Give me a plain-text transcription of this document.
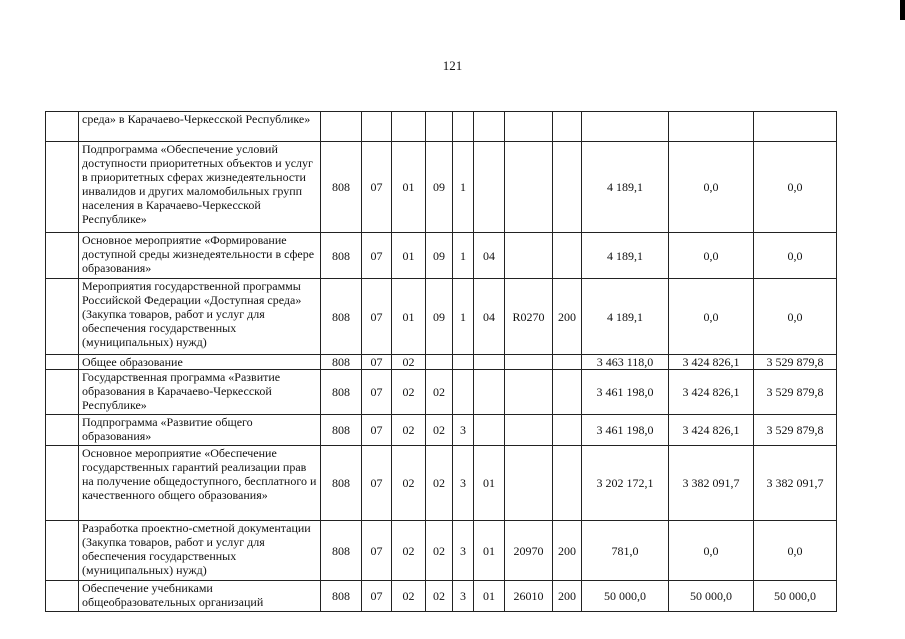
121
	среда» в Карачаево-Черкесской Республике»											
	Подпрограмма «Обеспечение условий доступности приоритетных объектов и услуг в приоритетных сферах жизнедеятельности инвалидов и других маломобильных групп населения в Карачаево-Черкесской Республике»	808	07	01	09	1				4 189,1	0,0	0,0
	Основное мероприятие «Формирование доступной среды жизнедеятельности в сфере образования»	808	07	01	09	1	04			4 189,1	0,0	0,0
	Мероприятия государственной программы Российской Федерации «Доступная среда» (Закупка товаров, работ и услуг для обеспечения государственных (муниципальных) нужд)	808	07	01	09	1	04	R0270	200	4 189,1	0,0	0,0
	Общее образование	808	07	02						3 463 118,0	3 424 826,1	3 529 879,8
	Государственная программа «Развитие образования в Карачаево-Черкесской Республике»	808	07	02	02					3 461 198,0	3 424 826,1	3 529 879,8
	Подпрограмма «Развитие общего образования»	808	07	02	02	3				3 461 198,0	3 424 826,1	3 529 879,8
	Основное мероприятие «Обеспечение государственных гарантий реализации прав на получение общедоступного, бесплатного и качественного общего образования»	808	07	02	02	3	01			3 202 172,1	3 382 091,7	3 382 091,7
	Разработка проектно-сметной документации (Закупка товаров, работ и услуг для обеспечения государственных (муниципальных) нужд)	808	07	02	02	3	01	20970	200	781,0	0,0	0,0
	Обеспечение учебниками общеобразовательных организаций	808	07	02	02	3	01	26010	200	50 000,0	50 000,0	50 000,0
